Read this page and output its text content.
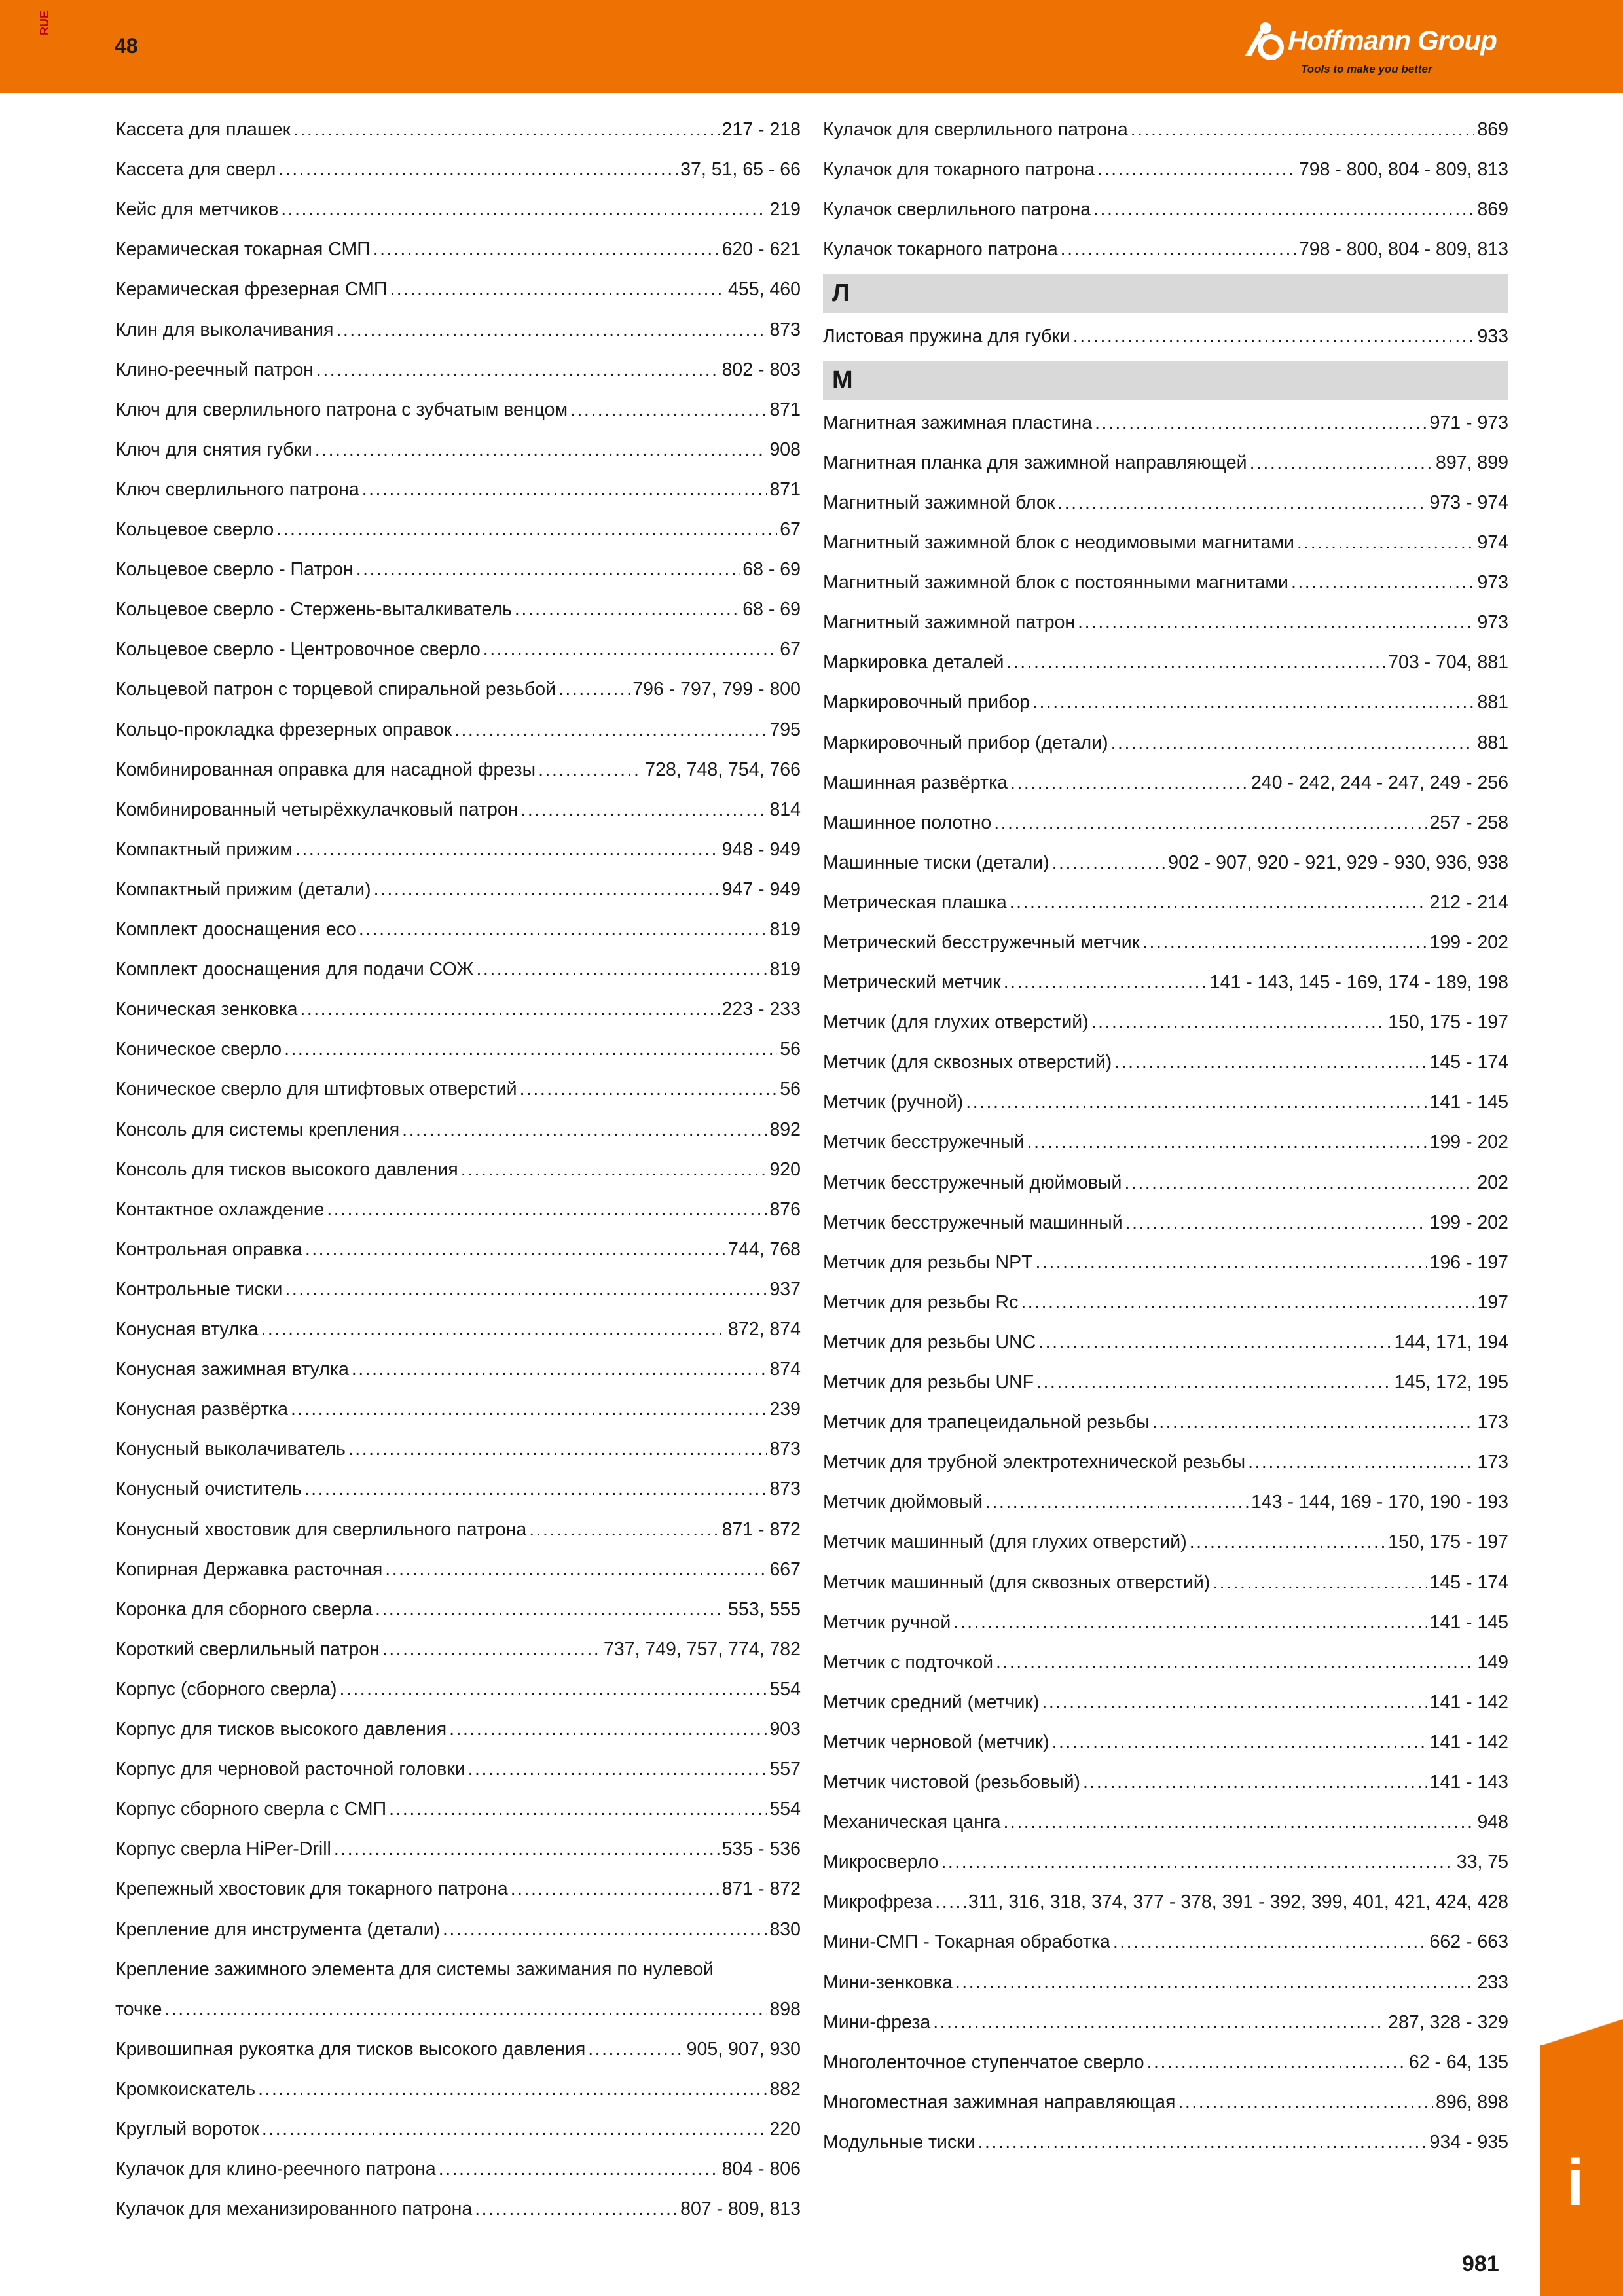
RUE
48	Hoffmann Group
Tools to make you better
Кассета для плашек .....	217 - 218
Кассета для сверл .....	37, 51, 65 - 66
Кейс для метчиков .....	219
Керамическая токарная СМП .....	620 - 621
Керамическая фрезерная СМП .....	455, 460
Клин для выколачивания .....	873
Клино-реечный патрон .....	802 - 803
Ключ для сверлильного патрона с зубчатым венцом .....	871
Ключ для снятия губки .....	908
Ключ сверлильного патрона .....	871
Кольцевое сверло .....	67
Кольцевое сверло - Патрон .....	68 - 69
Кольцевое сверло - Стержень-выталкиватель .....	68 - 69
Кольцевое сверло - Центровочное сверло .....	67
Кольцевой патрон с торцевой спиральной резьбой .....	796 - 797, 799 - 800
Кольцо-прокладка фрезерных оправок .....	795
Комбинированная оправка для насадной фрезы .....	728, 748, 754, 766
Комбинированный четырёхкулачковый патрон .....	814
Компактный прижим .....	948 - 949
Компактный прижим (детали) .....	947 - 949
Комплект дооснащения eco .....	819
Комплект дооснащения для подачи СОЖ .....	819
Коническая зенковка .....	223 - 233
Коническое сверло .....	56
Коническое сверло для штифтовых отверстий .....	56
Консоль для системы крепления .....	892
Консоль для тисков высокого давления .....	920
Контактное охлаждение .....	876
Контрольная оправка .....	744, 768
Контрольные тиски .....	937
Конусная втулка .....	872, 874
Конусная зажимная втулка .....	874
Конусная развёртка .....	239
Конусный выколачиватель .....	873
Конусный очиститель .....	873
Конусный хвостовик для сверлильного патрона .....	871 - 872
Копирная Державка расточная .....	667
Коронка для сборного сверла .....	553, 555
Короткий сверлильный патрон .....	737, 749, 757, 774, 782
Корпус (сборного сверла) .....	554
Корпус для тисков высокого давления .....	903
Корпус для черновой расточной головки .....	557
Корпус сборного сверла с СМП .....	554
Корпус сверла HiPer-Drill .....	535 - 536
Крепежный хвостовик для токарного патрона .....	871 - 872
Крепление для инструмента (детали) .....	830
Крепление зажимного элемента для системы зажимания по нулевой
точке .....	898
Кривошипная рукоятка для тисков высокого давления .....	905, 907, 930
Кромкоискатель .....	882
Круглый вороток .....	220
Кулачок для клино-реечного патрона .....	804 - 806
Кулачок для механизированного патрона .....	807 - 809, 813
Кулачок для сверлильного патрона .....	869
Кулачок для токарного патрона .....	798 - 800, 804 - 809, 813
Кулачок сверлильного патрона .....	869
Кулачок токарного патрона .....	798 - 800, 804 - 809, 813
Л
Листовая пружина для губки .....	933
М
Магнитная зажимная пластина .....	971 - 973
Магнитная планка для зажимной направляющей .....	897, 899
Магнитный зажимной блок .....	973 - 974
Магнитный зажимной блок с неодимовыми магнитами .....	974
Магнитный зажимной блок с постоянными магнитами .....	973
Магнитный зажимной патрон .....	973
Маркировка деталей .....	703 - 704, 881
Маркировочный прибор .....	881
Маркировочный прибор (детали) .....	881
Машинная развёртка .....	240 - 242, 244 - 247, 249 - 256
Машинное полотно .....	257 - 258
Машинные тиски (детали) .....	902 - 907, 920 - 921, 929 - 930, 936, 938
Метрическая плашка .....	212 - 214
Метрический бесстружечный метчик .....	199 - 202
Метрический метчик .....	141 - 143, 145 - 169, 174 - 189, 198
Метчик (для глухих отверстий) .....	150, 175 - 197
Метчик (для сквозных отверстий) .....	145 - 174
Метчик (ручной) .....	141 - 145
Метчик бесстружечный .....	199 - 202
Метчик бесстружечный дюймовый .....	202
Метчик бесстружечный машинный .....	199 - 202
Метчик для резьбы NPT .....	196 - 197
Метчик для резьбы Rc .....	197
Метчик для резьбы UNC .....	144, 171, 194
Метчик для резьбы UNF .....	145, 172, 195
Метчик для трапецеидальной резьбы .....	173
Метчик для трубной электротехнической резьбы .....	173
Метчик дюймовый .....	143 - 144, 169 - 170, 190 - 193
Метчик машинный (для глухих отверстий) .....	150, 175 - 197
Метчик машинный (для сквозных отверстий) .....	145 - 174
Метчик ручной .....	141 - 145
Метчик с подточкой .....	149
Метчик средний (метчик) .....	141 - 142
Метчик черновой (метчик) .....	141 - 142
Метчик чистовой (резьбовый) .....	141 - 143
Механическая цанга .....	948
Микросверло .....	33, 75
Микрофреза ..... 311, 316, 318, 374, 377 - 378, 391 - 392, 399, 401, 421, 424, 428
Мини-СМП - Токарная обработка .....	662 - 663
Мини-зенковка .....	233
Мини-фреза .....	287, 328 - 329
Многоленточное ступенчатое сверло .....	62 - 64, 135
Многоместная зажимная направляющая .....	896, 898
Модульные тиски .....	934 - 935
i
981
